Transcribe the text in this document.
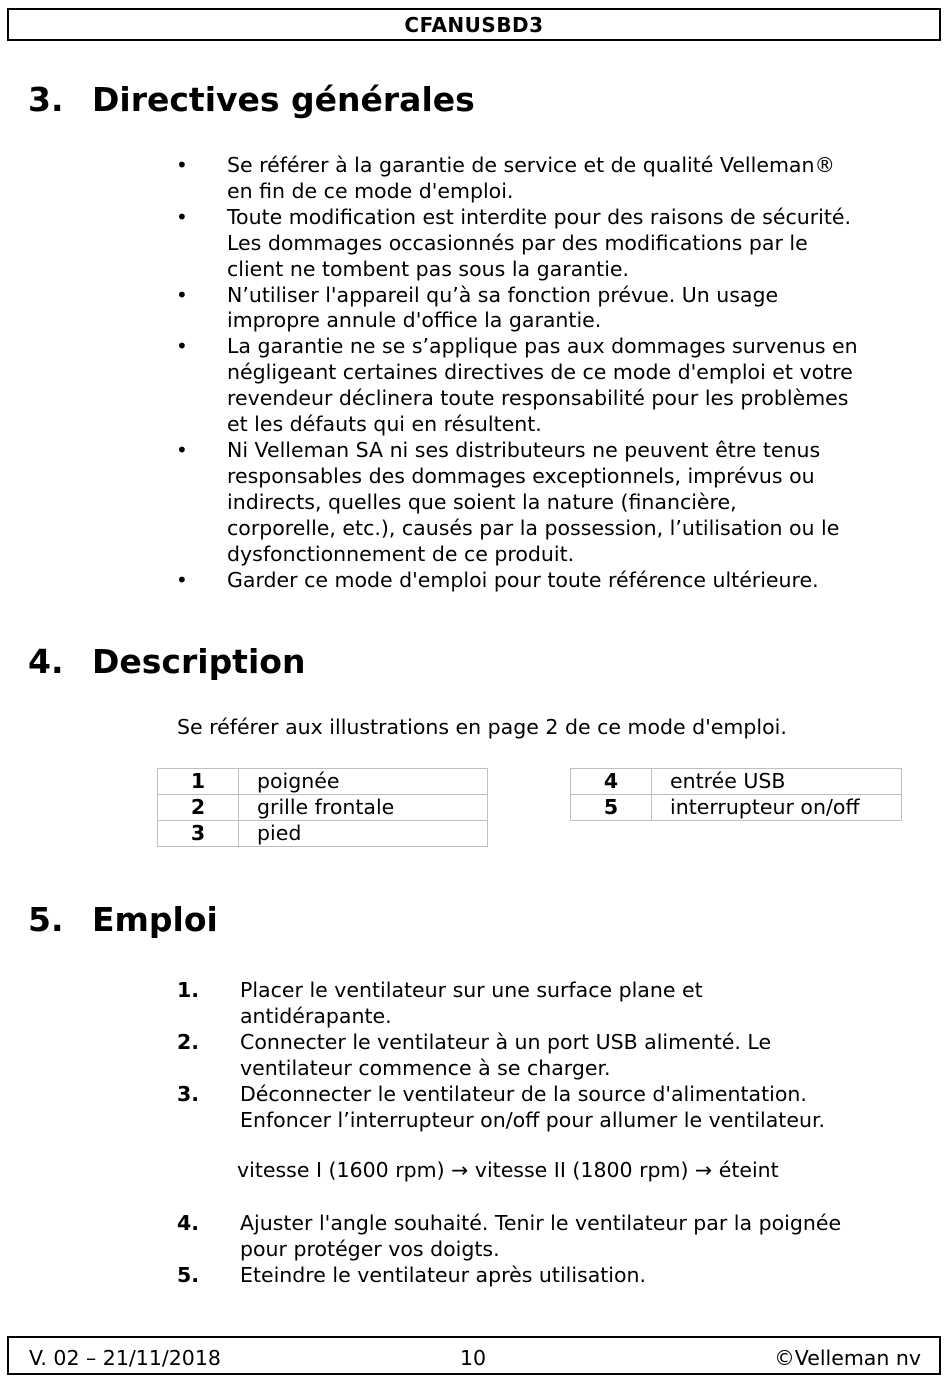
CFANUSBD3
3. Directives générales
• Se référer à la garantie de service et de qualité Velleman®
en fin de ce mode d'emploi.
• Toute modification est interdite pour des raisons de sécurité.
Les dommages occasionnés par des modifications par le
client ne tombent pas sous la garantie.
• N’utiliser l'appareil qu’à sa fonction prévue. Un usage
impropre annule d'office la garantie.
• La garantie ne se s’applique pas aux dommages survenus en
négligeant certaines directives de ce mode d'emploi et votre
revendeur déclinera toute responsabilité pour les problèmes
et les défauts qui en résultent.
• Ni Velleman SA ni ses distributeurs ne peuvent être tenus
responsables des dommages exceptionnels, imprévus ou
indirects, quelles que soient la nature (financière,
corporelle, etc.), causés par la possession, l’utilisation ou le
dysfonctionnement de ce produit.
• Garder ce mode d'emploi pour toute référence ultérieure.
4. Description
Se référer aux illustrations en page 2 de ce mode d'emploi.
1	poignée
2	grille frontale
3	pied
4	entrée USB
5	interrupteur on/off
5. Emploi
1. Placer le ventilateur sur une surface plane et
antidérapante.
2. Connecter le ventilateur à un port USB alimenté. Le
ventilateur commence à se charger.
3. Déconnecter le ventilateur de la source d'alimentation.
Enfoncer l’interrupteur on/off pour allumer le ventilateur.
vitesse I (1600 rpm) → vitesse II (1800 rpm) → éteint
4. Ajuster l'angle souhaité. Tenir le ventilateur par la poignée
pour protéger vos doigts.
5. Eteindre le ventilateur après utilisation.
V. 02 – 21/11/2018	10	©Velleman nv
